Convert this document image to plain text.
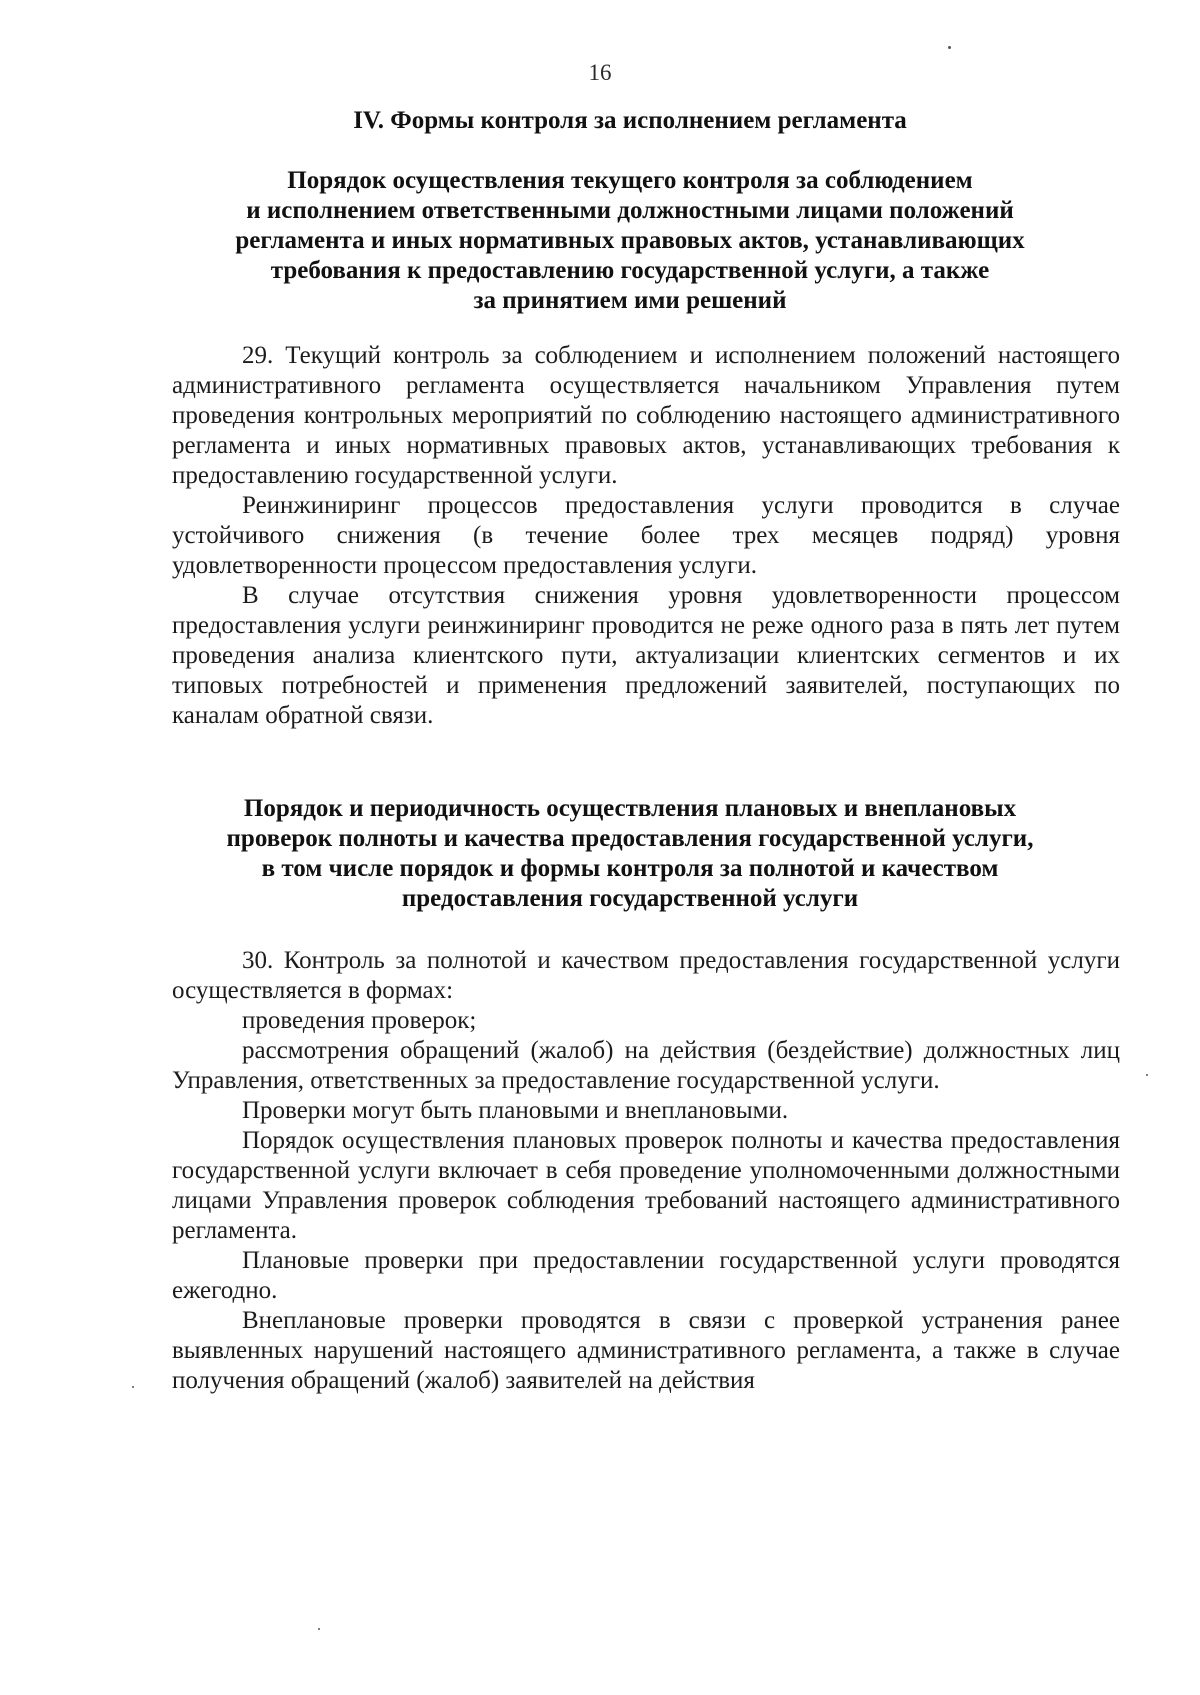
16
IV. Формы контроля за исполнением регламента
Порядок осуществления текущего контроля за соблюдением
и исполнением ответственными должностными лицами положений
регламента и иных нормативных правовых актов, устанавливающих
требования к предоставлению государственной услуги, а также
за принятием ими решений

29. Текущий контроль за соблюдением и исполнением положений настоящего административного регламента осуществляется начальником Управления путем проведения контрольных мероприятий по соблюдению настоящего административного регламента и иных нормативных правовых актов, устанавливающих требования к предоставлению государственной услуги.

Реинжиниринг процессов предоставления услуги проводится в случае устойчивого снижения (в течение более трех месяцев подряд) уровня удовлетворенности процессом предоставления услуги.

В случае отсутствия снижения уровня удовлетворенности процессом предоставления услуги реинжиниринг проводится не реже одного раза в пять лет путем проведения анализа клиентского пути, актуализации клиентских сегментов и их типовых потребностей и применения предложений заявителей, поступающих по каналам обратной связи.

Порядок и периодичность осуществления плановых и внеплановых
проверок полноты и качества предоставления государственной услуги,
в том числе порядок и формы контроля за полнотой и качеством
предоставления государственной услуги

30. Контроль за полнотой и качеством предоставления государственной услуги осуществляется в формах:

проведения проверок;

рассмотрения обращений (жалоб) на действия (бездействие) должностных лиц Управления, ответственных за предоставление государственной услуги.

Проверки могут быть плановыми и внеплановыми.

Порядок осуществления плановых проверок полноты и качества предоставления государственной услуги включает в себя проведение уполномоченными должностными лицами Управления проверок соблюдения требований настоящего административного регламента.

Плановые проверки при предоставлении государственной услуги проводятся ежегодно.

Внеплановые проверки проводятся в связи с проверкой устранения ранее выявленных нарушений настоящего административного регламента, а также в случае получения обращений (жалоб) заявителей на действия
